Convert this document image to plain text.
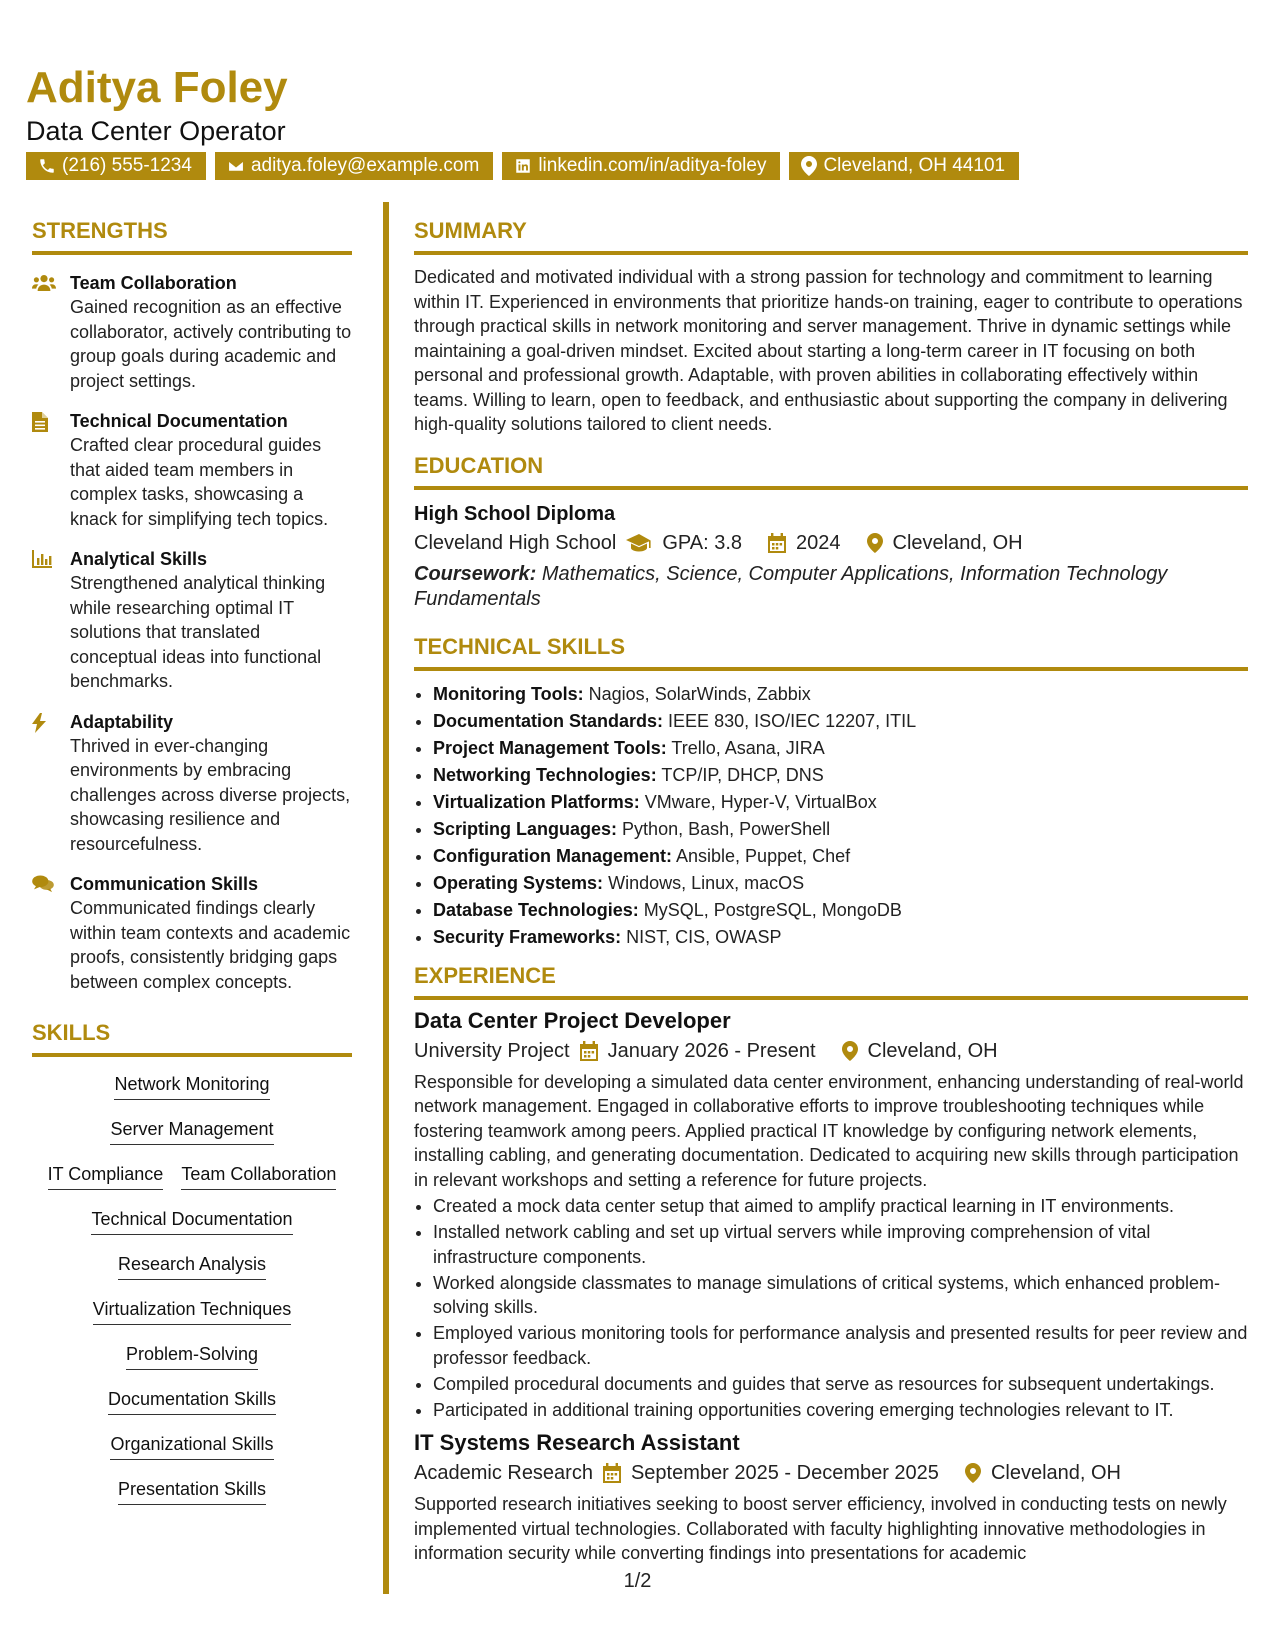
Aditya Foley
Data Center Operator
(216) 555-1234	aditya.foley@example.com	linkedin.com/in/aditya-foley	Cleveland, OH 44101
STRENGTHS
Team Collaboration
Gained recognition as an effective collaborator, actively contributing to group goals during academic and project settings.
Technical Documentation
Crafted clear procedural guides that aided team members in complex tasks, showcasing a knack for simplifying tech topics.
Analytical Skills
Strengthened analytical thinking while researching optimal IT solutions that translated conceptual ideas into functional benchmarks.
Adaptability
Thrived in ever-changing environments by embracing challenges across diverse projects, showcasing resilience and resourcefulness.
Communication Skills
Communicated findings clearly within team contexts and academic proofs, consistently bridging gaps between complex concepts.
SKILLS
Network Monitoring
Server Management
IT Compliance Team Collaboration
Technical Documentation
Research Analysis
Virtualization Techniques
Problem-Solving
Documentation Skills
Organizational Skills
Presentation Skills
SUMMARY
Dedicated and motivated individual with a strong passion for technology and commitment to learning within IT. Experienced in environments that prioritize hands-on training, eager to contribute to operations through practical skills in network monitoring and server management. Thrive in dynamic settings while maintaining a goal-driven mindset. Excited about starting a long-term career in IT focusing on both personal and professional growth. Adaptable, with proven abilities in collaborating effectively within teams. Willing to learn, open to feedback, and enthusiastic about supporting the company in delivering high-quality solutions tailored to client needs.
EDUCATION
High School Diploma
Cleveland High School GPA: 3.8	2024	Cleveland, OH
Coursework: Mathematics, Science, Computer Applications, Information Technology Fundamentals
TECHNICAL SKILLS
• Monitoring Tools: Nagios, SolarWinds, Zabbix
• Documentation Standards: IEEE 830, ISO/IEC 12207, ITIL
• Project Management Tools: Trello, Asana, JIRA
• Networking Technologies: TCP/IP, DHCP, DNS
• Virtualization Platforms: VMware, Hyper-V, VirtualBox
• Scripting Languages: Python, Bash, PowerShell
• Configuration Management: Ansible, Puppet, Chef
• Operating Systems: Windows, Linux, macOS
• Database Technologies: MySQL, PostgreSQL, MongoDB
• Security Frameworks: NIST, CIS, OWASP
EXPERIENCE
Data Center Project Developer
University Project January 2026 - Present	Cleveland, OH
Responsible for developing a simulated data center environment, enhancing understanding of real-world network management. Engaged in collaborative efforts to improve troubleshooting techniques while fostering teamwork among peers. Applied practical IT knowledge by configuring network elements, installing cabling, and generating documentation. Dedicated to acquiring new skills through participation in relevant workshops and setting a reference for future projects.
• Created a mock data center setup that aimed to amplify practical learning in IT environments.
• Installed network cabling and set up virtual servers while improving comprehension of vital infrastructure components.
• Worked alongside classmates to manage simulations of critical systems, which enhanced problem-solving skills.
• Employed various monitoring tools for performance analysis and presented results for peer review and professor feedback.
• Compiled procedural documents and guides that serve as resources for subsequent undertakings.
• Participated in additional training opportunities covering emerging technologies relevant to IT.
IT Systems Research Assistant
Academic Research September 2025 - December 2025	Cleveland, OH
Supported research initiatives seeking to boost server efficiency, involved in conducting tests on newly implemented virtual technologies. Collaborated with faculty highlighting innovative methodologies in information security while converting findings into presentations for academic
1/2
